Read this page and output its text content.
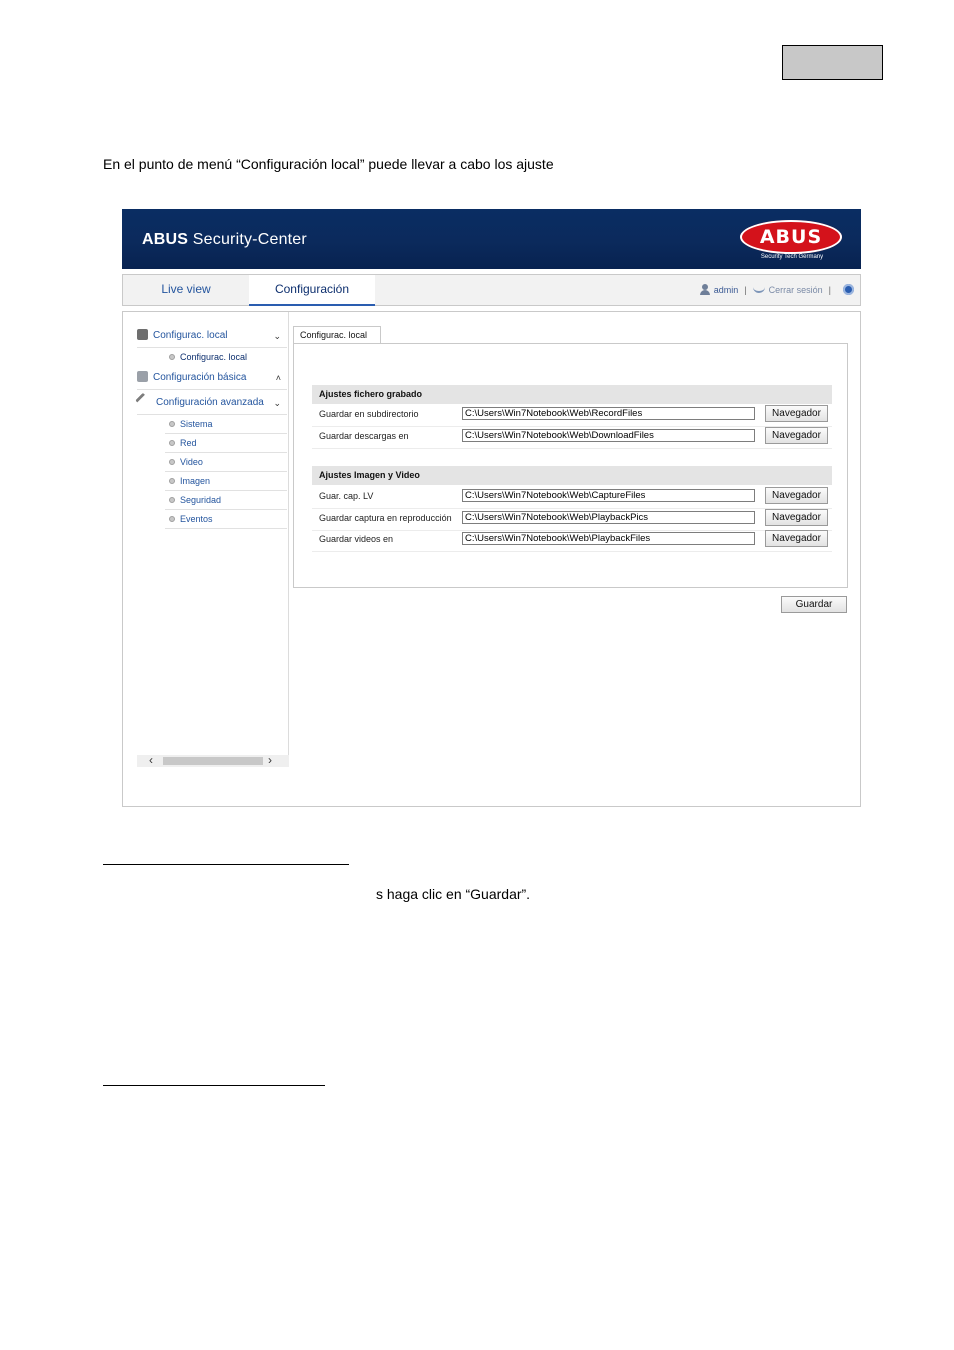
En el punto de menú “Configuración local” puede llevar a cabo los ajuste
ABUS Security-Center	ABUS
Security Tech Germany
Live view	Configuración	admin | Cerrar sesión |
Configurac. local	⌄
Configurac. local
Configuración básica	˄
Configuración avanzada ⌄
Sistema
Red
Video
Imagen
Seguridad
Eventos
‹	›
Configurac. local
Ajustes fichero grabado
Guardar en subdirectorio	C:\Users\Win7Notebook\Web\RecordFiles	Navegador
Guardar descargas en	C:\Users\Win7Notebook\Web\DownloadFiles	Navegador
Ajustes Imagen y Video
Guar. cap. LV	C:\Users\Win7Notebook\Web\CaptureFiles	Navegador
Guardar captura en reproducción	C:\Users\Win7Notebook\Web\PlaybackPics	Navegador
Guardar videos en	C:\Users\Win7Notebook\Web\PlaybackFiles	Navegador
Guardar
s haga clic en “Guardar”.
